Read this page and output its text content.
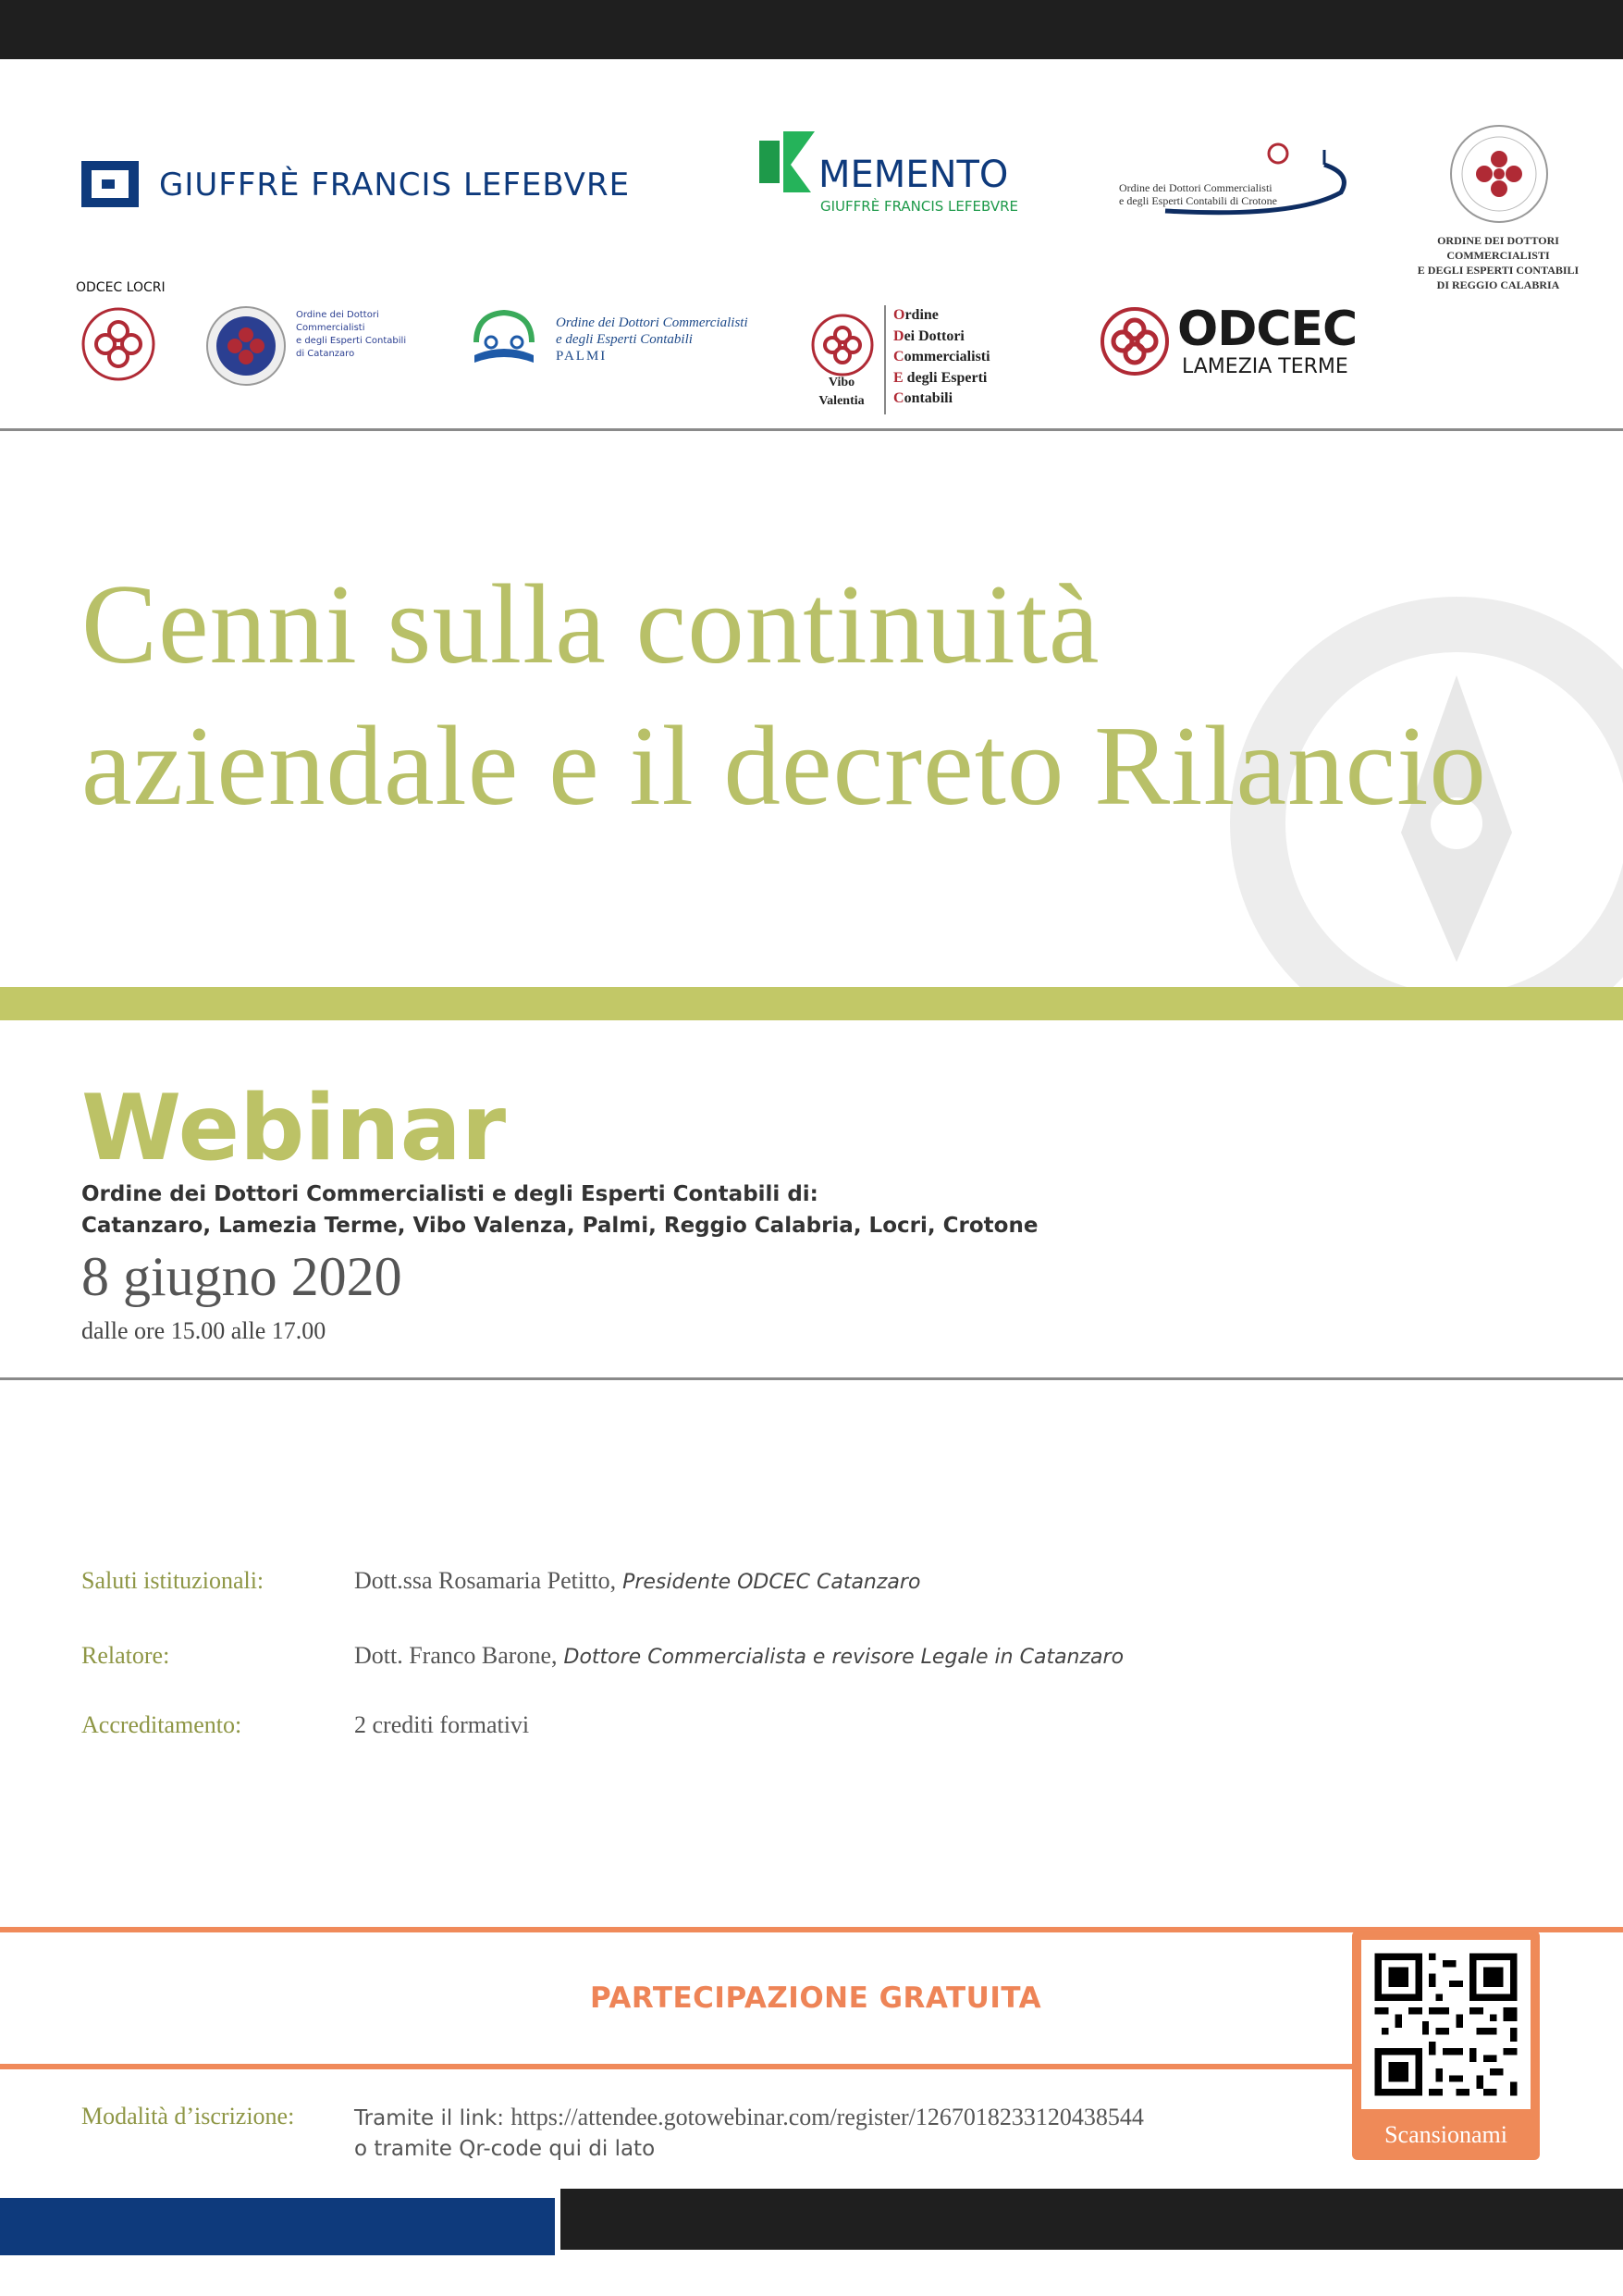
GIUFFRÈ FRANCIS LEFEBVRE	MEMENTO
GIUFFRÈ FRANCIS LEFEBVRE
Ordine dei Dottori Commercialisti
e degli Esperti Contabili di Crotone
ORDINE DEI DOTTORI COMMERCIALISTI
E DEGLI ESPERTI CONTABILI
DI REGGIO CALABRIA
ODCEC LOCRI
Ordine dei Dottori Commercialisti
e degli Esperti Contabili
di Catanzaro
Ordine dei Dottori Commercialisti
e degli Esperti Contabili
PALMI
Vibo
Valentia
Ordine
Dei Dottori
Commercialisti
E degli Esperti
Contabili
ODCEC
LAMEZIA TERME
Cenni sulla continuità
aziendale e il decreto Rilancio
Webinar
Ordine dei Dottori Commercialisti e degli Esperti Contabili di:
Catanzaro, Lamezia Terme, Vibo Valenza, Palmi, Reggio Calabria, Locri, Crotone
8 giugno 2020
dalle ore 15.00 alle 17.00
Saluti istituzionali:	Dott.ssa Rosamaria Petitto, Presidente ODCEC Catanzaro
Relatore:	Dott. Franco Barone, Dottore Commercialista e revisore Legale in Catanzaro
Accreditamento:	2 crediti formativi
PARTECIPAZIONE GRATUITA
Modalità d’iscrizione:	Tramite il link: https://attendee.gotowebinar.com/register/1267018233120438544
o tramite Qr-code qui di lato
Scansionami
